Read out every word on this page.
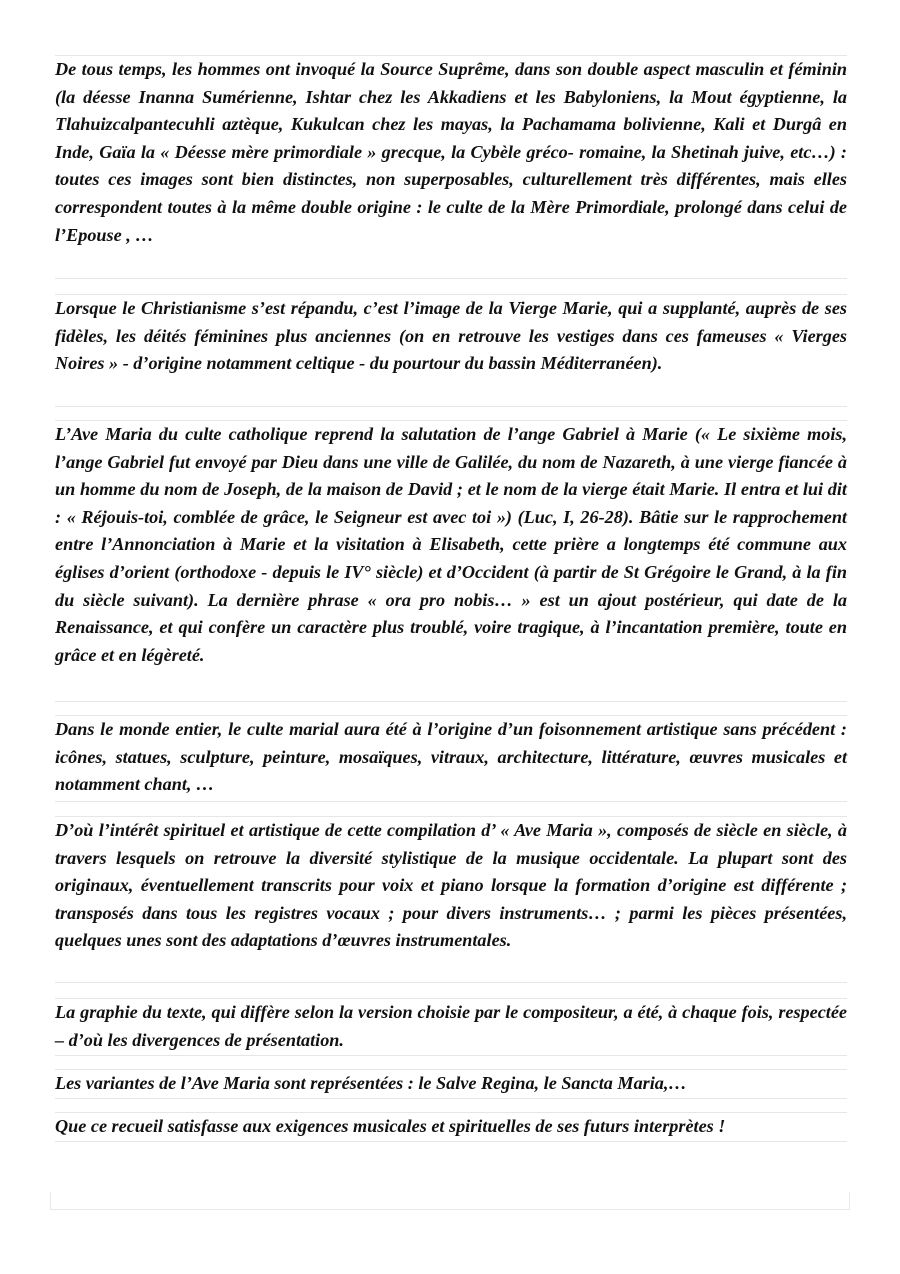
De tous temps, les hommes ont invoqué la Source Suprême, dans son double aspect masculin et féminin (la déesse Inanna Sumérienne, Ishtar chez les Akkadiens et les Babyloniens, la Mout égyptienne, la Tlahuizcalpantecuhli aztèque, Kukulcan chez les mayas, la Pachamama bolivienne, Kali et Durgâ en Inde, Gaïa la « Déesse mère primordiale » grecque, la Cybèle gréco- romaine, la Shetinah juive, etc…) : toutes ces images sont bien distinctes, non superposables, culturellement très différentes, mais elles correspondent toutes à la même double origine : le culte de la Mère Primordiale, prolongé dans celui de l’Epouse , …

Lorsque le Christianisme s’est répandu, c’est l’image de la Vierge Marie, qui a supplanté, auprès de ses fidèles, les déités féminines plus anciennes (on en retrouve les vestiges dans ces fameuses « Vierges Noires » - d’origine notamment celtique - du pourtour du bassin Méditerranéen).

L’Ave Maria du culte catholique reprend la salutation de l’ange Gabriel à Marie (« Le sixième mois, l’ange Gabriel fut envoyé par Dieu dans une ville de Galilée, du nom de Nazareth, à une vierge fiancée à un homme du nom de Joseph, de la maison de David ; et le nom de la vierge était Marie. Il entra et lui dit : « Réjouis-toi, comblée de grâce, le Seigneur est avec toi ») (Luc, I, 26-28). Bâtie sur le rapprochement entre l’Annonciation à Marie et la visitation à Elisabeth, cette prière a longtemps été commune aux églises d’orient (orthodoxe - depuis le IV° siècle) et d’Occident (à partir de St Grégoire le Grand, à la fin du siècle suivant). La dernière phrase « ora pro nobis… » est un ajout postérieur, qui date de la Renaissance, et qui confère un caractère plus troublé, voire tragique, à l’incantation première, toute en grâce et en légèreté.

Dans le monde entier, le culte marial aura été à l’origine d’un foisonnement artistique sans précédent : icônes, statues, sculpture, peinture, mosaïques, vitraux, architecture, littérature, œuvres musicales et notamment chant, …

D’où l’intérêt spirituel et artistique de cette compilation d’ « Ave Maria », composés de siècle en siècle, à travers lesquels on retrouve la diversité stylistique de la musique occidentale. La plupart sont des originaux, éventuellement transcrits pour voix et piano lorsque la formation d’origine est différente ; transposés dans tous les registres vocaux ; pour divers instruments… ; parmi les pièces présentées, quelques unes sont des adaptations d’œuvres instrumentales.

La graphie du texte, qui diffère selon la version choisie par le compositeur, a été, à chaque fois, respectée – d’où les divergences de présentation.

Les variantes de l’Ave Maria sont représentées : le Salve Regina, le Sancta Maria,…

Que ce recueil satisfasse aux exigences musicales et spirituelles de ses futurs interprètes !
